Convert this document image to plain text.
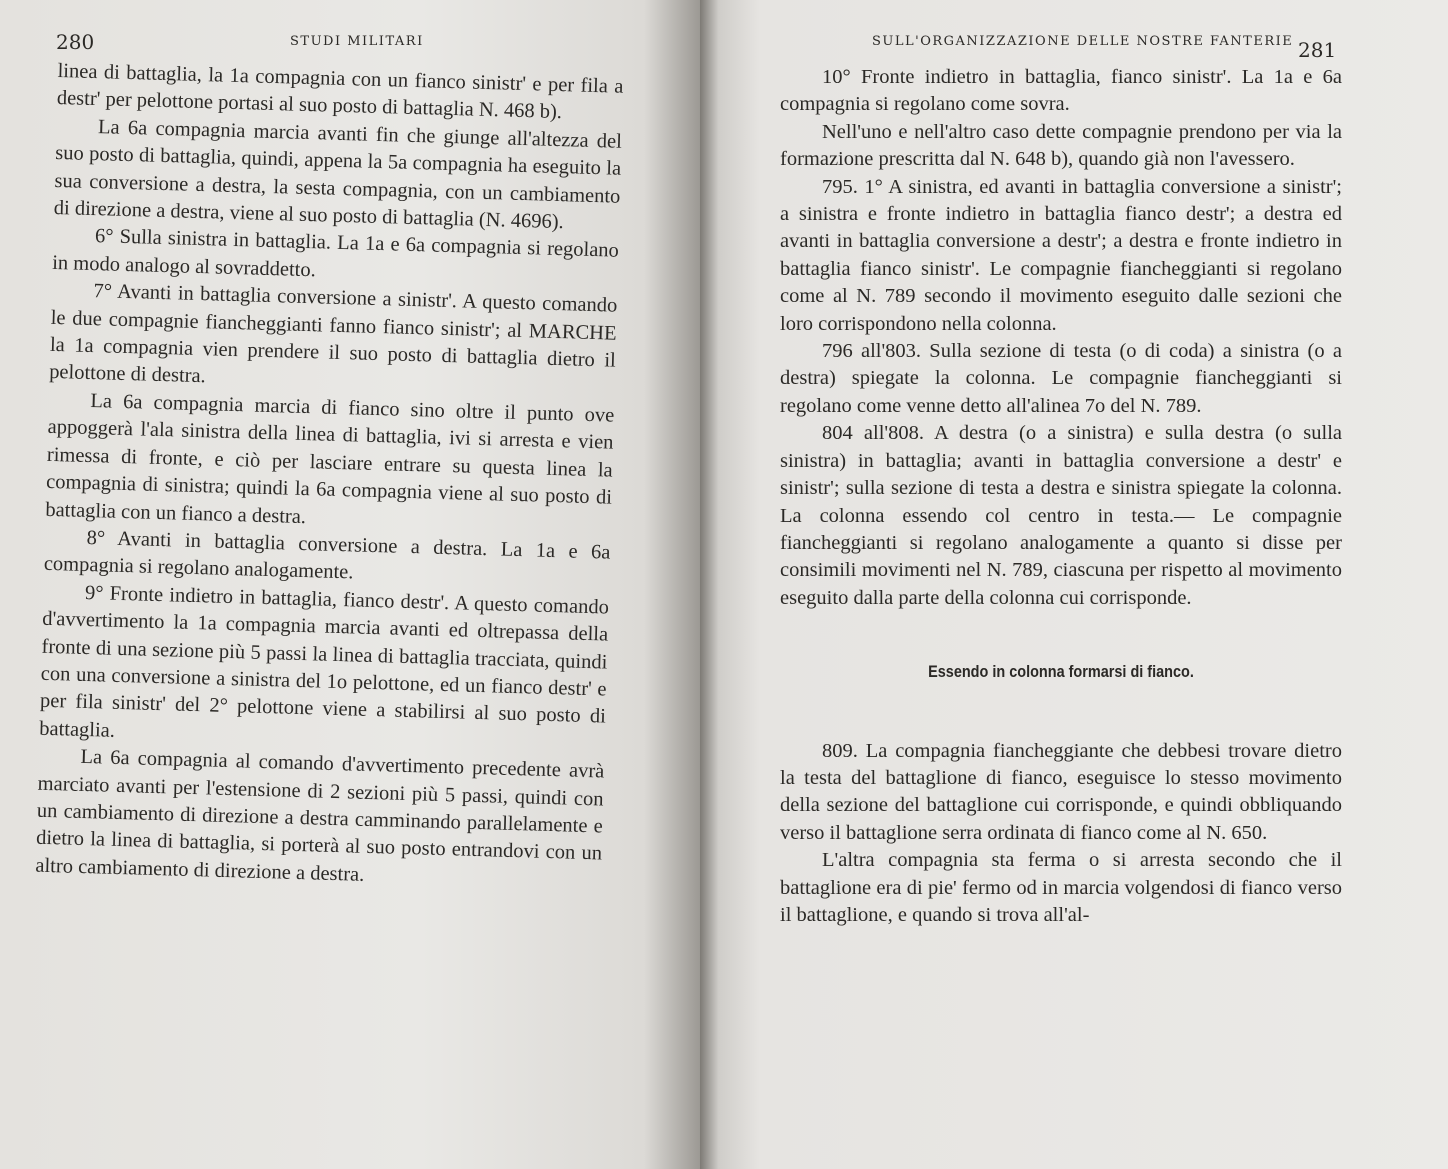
280	STUDI MILITARI

linea di battaglia, la 1a compagnia con un fianco sinistr' e per fila a destr' per pelottone portasi al suo posto di battaglia N. 468 b).

La 6a compagnia marcia avanti fin che giunge all'altezza del suo posto di battaglia, quindi, appena la 5a compagnia ha eseguito la sua conversione a destra, la sesta compagnia, con un cambiamento di direzione a destra, viene al suo posto di battaglia (N. 4696).

6° Sulla sinistra in battaglia. La 1a e 6a compagnia si regolano in modo analogo al sovraddetto.

7° Avanti in battaglia conversione a sinistr'. A questo comando le due compagnie fiancheggianti fanno fianco sinistr'; al MARCHE la 1a compagnia vien prendere il suo posto di battaglia dietro il pelottone di destra.

La 6a compagnia marcia di fianco sino oltre il punto ove appoggerà l'ala sinistra della linea di battaglia, ivi si arresta e vien rimessa di fronte, e ciò per lasciare entrare su questa linea la compagnia di sinistra; quindi la 6a compagnia viene al suo posto di battaglia con un fianco a destra.

8° Avanti in battaglia conversione a destra. La 1a e 6a compagnia si regolano analogamente.

9° Fronte indietro in battaglia, fianco destr'. A questo comando d'avvertimento la 1a compagnia marcia avanti ed oltrepassa della fronte di una sezione più 5 passi la linea di battaglia tracciata, quindi con una conversione a sinistra del 1o pelottone, ed un fianco destr' e per fila sinistr' del 2° pelottone viene a stabilirsi al suo posto di battaglia.

La 6a compagnia al comando d'avvertimento precedente avrà marciato avanti per l'estensione di 2 sezioni più 5 passi, quindi con un cambiamento di direzione a destra camminando parallelamente e dietro la linea di battaglia, si porterà al suo posto entrandovi con un altro cambiamento di direzione a destra.

SULL'ORGANIZZAZIONE DELLE NOSTRE FANTERIE 281

10° Fronte indietro in battaglia, fianco sinistr'. La 1a e 6a compagnia si regolano come sovra.

Nell'uno e nell'altro caso dette compagnie prendono per via la formazione prescritta dal N. 648 b), quando già non l'avessero.

795. 1° A sinistra, ed avanti in battaglia conversione a sinistr'; a sinistra e fronte indietro in battaglia fianco destr'; a destra ed avanti in battaglia conversione a destr'; a destra e fronte indietro in battaglia fianco sinistr'. Le compagnie fiancheggianti si regolano come al N. 789 secondo il movimento eseguito dalle sezioni che loro corrispondono nella colonna.

796 all'803. Sulla sezione di testa (o di coda) a sinistra (o a destra) spiegate la colonna. Le compagnie fiancheggianti si regolano come venne detto all'alinea 7o del N. 789.

804 all'808. A destra (o a sinistra) e sulla destra (o sulla sinistra) in battaglia; avanti in battaglia conversione a destr' e sinistr'; sulla sezione di testa a destra e sinistra spiegate la colonna. La colonna essendo col centro in testa.— Le compagnie fiancheggianti si regolano analogamente a quanto si disse per consimili movimenti nel N. 789, ciascuna per rispetto al movimento eseguito dalla parte della colonna cui corrisponde.

Essendo in colonna formarsi di fianco.

809. La compagnia fiancheggiante che debbesi trovare dietro la testa del battaglione di fianco, eseguisce lo stesso movimento della sezione del battaglione cui corrisponde, e quindi obbliquando verso il battaglione serra ordinata di fianco come al N. 650.

L'altra compagnia sta ferma o si arresta secondo che il battaglione era di pie' fermo od in marcia volgendosi di fianco verso il battaglione, e quando si trova all'al-
